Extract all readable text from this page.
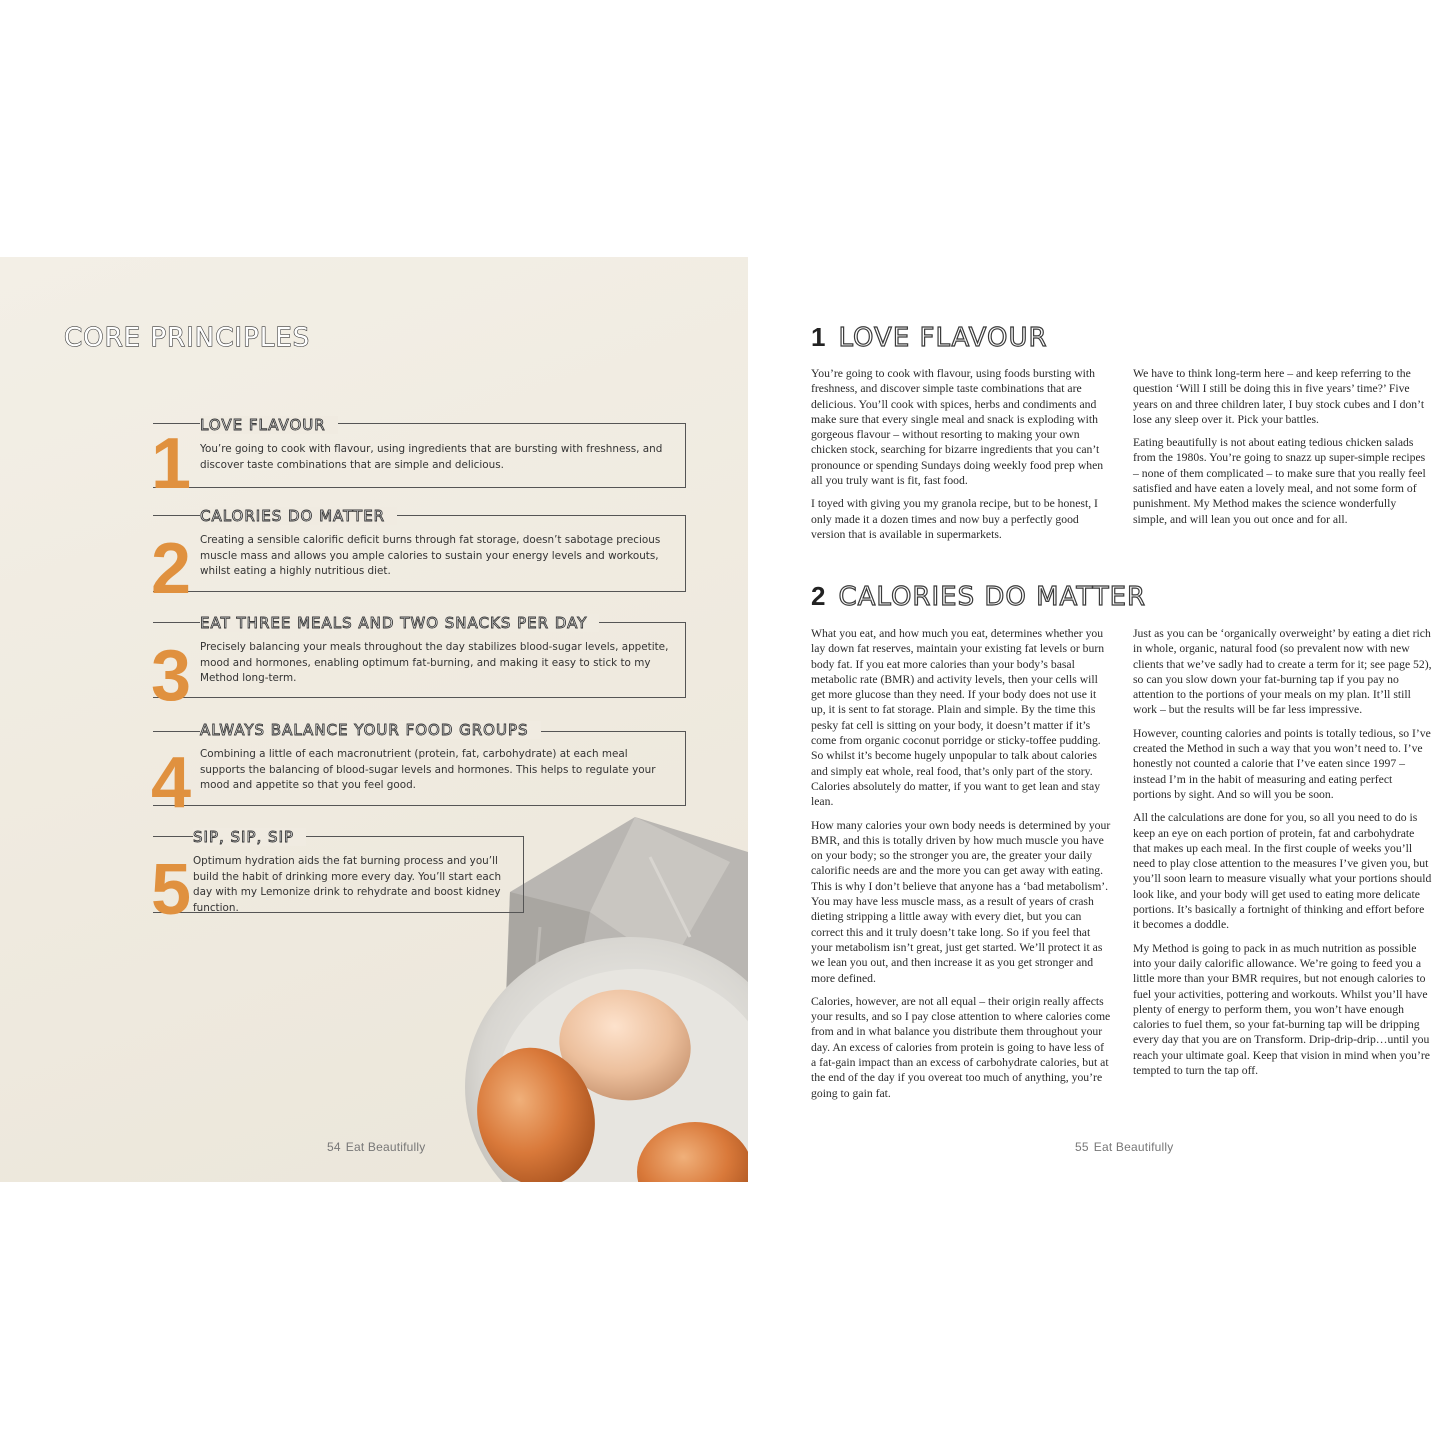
CORE PRINCIPLES
1 LOVE FLAVOUR
You’re going to cook with flavour, using ingredients that are bursting with freshness, and discover taste combinations that are simple and delicious.
2
CALORIES DO MATTER
Creating a sensible calorific deficit burns through fat storage, doesn’t sabotage precious muscle mass and allows you ample calories to sustain your energy levels and workouts, whilst eating a highly nutritious diet.
3
EAT THREE MEALS AND TWO SNACKS PER DAY
Precisely balancing your meals throughout the day stabilizes blood-sugar levels, appetite, mood and hormones, enabling optimum fat-burning, and making it easy to stick to my Method long-term.
4
ALWAYS BALANCE YOUR FOOD GROUPS
Combining a little of each macronutrient (protein, fat, carbohydrate) at each meal supports the balancing of blood-sugar levels and hormones. This helps to regulate your mood and appetite so that you feel good.
5
SIP, SIP, SIP
Optimum hydration aids the fat burning process and you’ll build the habit of drinking more every day. You’ll start each day with my Lemonize drink to rehydrate and boost kidney function.
54 Eat Beautifully
1 LOVE FLAVOUR

You’re going to cook with flavour, using foods bursting with freshness, and discover simple taste combinations that are delicious. You’ll cook with spices, herbs and condiments and make sure that every single meal and snack is exploding with gorgeous flavour – without resorting to making your own chicken stock, searching for bizarre ingredients that you can’t pronounce or spending Sundays doing weekly food prep when all you truly want is fit, fast food.

I toyed with giving you my granola recipe, but to be honest, I only made it a dozen times and now buy a perfectly good version that is available in supermarkets.

We have to think long-term here – and keep referring to the question ‘Will I still be doing this in five years’ time?’ Five years on and three children later, I buy stock cubes and I don’t lose any sleep over it. Pick your battles.

Eating beautifully is not about eating tedious chicken salads from the 1980s. You’re going to snazz up super-simple recipes – none of them complicated – to make sure that you really feel satisfied and have eaten a lovely meal, and not some form of punishment. My Method makes the science wonderfully simple, and will lean you out once and for all.

2 CALORIES DO MATTER

What you eat, and how much you eat, determines whether you lay down fat reserves, maintain your existing fat levels or burn body fat. If you eat more calories than your body’s basal metabolic rate (BMR) and activity levels, then your cells will get more glucose than they need. If your body does not use it up, it is sent to fat storage. Plain and simple. By the time this pesky fat cell is sitting on your body, it doesn’t matter if it’s come from organic coconut porridge or sticky-toffee pudding. So whilst it’s become hugely unpopular to talk about calories and simply eat whole, real food, that’s only part of the story. Calories absolutely do matter, if you want to get lean and stay lean.

How many calories your own body needs is determined by your BMR, and this is totally driven by how much muscle you have on your body; so the stronger you are, the greater your daily calorific needs are and the more you can get away with eating. This is why I don’t believe that anyone has a ‘bad metabolism’. You may have less muscle mass, as a result of years of crash dieting stripping a little away with every diet, but you can correct this and it truly doesn’t take long. So if you feel that your metabolism isn’t great, just get started. We’ll protect it as we lean you out, and then increase it as you get stronger and more defined.

Calories, however, are not all equal – their origin really affects your results, and so I pay close attention to where calories come from and in what balance you distribute them throughout your day. An excess of calories from protein is going to have less of a fat-gain impact than an excess of carbohydrate calories, but at the end of the day if you overeat too much of anything, you’re going to gain fat.

Just as you can be ‘organically overweight’ by eating a diet rich in whole, organic, natural food (so prevalent now with new clients that we’ve sadly had to create a term for it; see page 52), so can you slow down your fat-burning tap if you pay no attention to the portions of your meals on my plan. It’ll still work – but the results will be far less impressive.

However, counting calories and points is totally tedious, so I’ve created the Method in such a way that you won’t need to. I’ve honestly not counted a calorie that I’ve eaten since 1997 – instead I’m in the habit of measuring and eating perfect portions by sight. And so will you be soon.

All the calculations are done for you, so all you need to do is keep an eye on each portion of protein, fat and carbohydrate that makes up each meal. In the first couple of weeks you’ll need to play close attention to the measures I’ve given you, but you’ll soon learn to measure visually what your portions should look like, and your body will get used to eating more delicate portions. It’s basically a fortnight of thinking and effort before it becomes a doddle.

My Method is going to pack in as much nutrition as possible into your daily calorific allowance. We’re going to feed you a little more than your BMR requires, but not enough calories to fuel your activities, pottering and workouts. Whilst you’ll have plenty of energy to perform them, you won’t have enough calories to fuel them, so your fat-burning tap will be dripping every day that you are on Transform. Drip-drip-drip…until you reach your ultimate goal. Keep that vision in mind when you’re tempted to turn the tap off.

55 Eat Beautifully
